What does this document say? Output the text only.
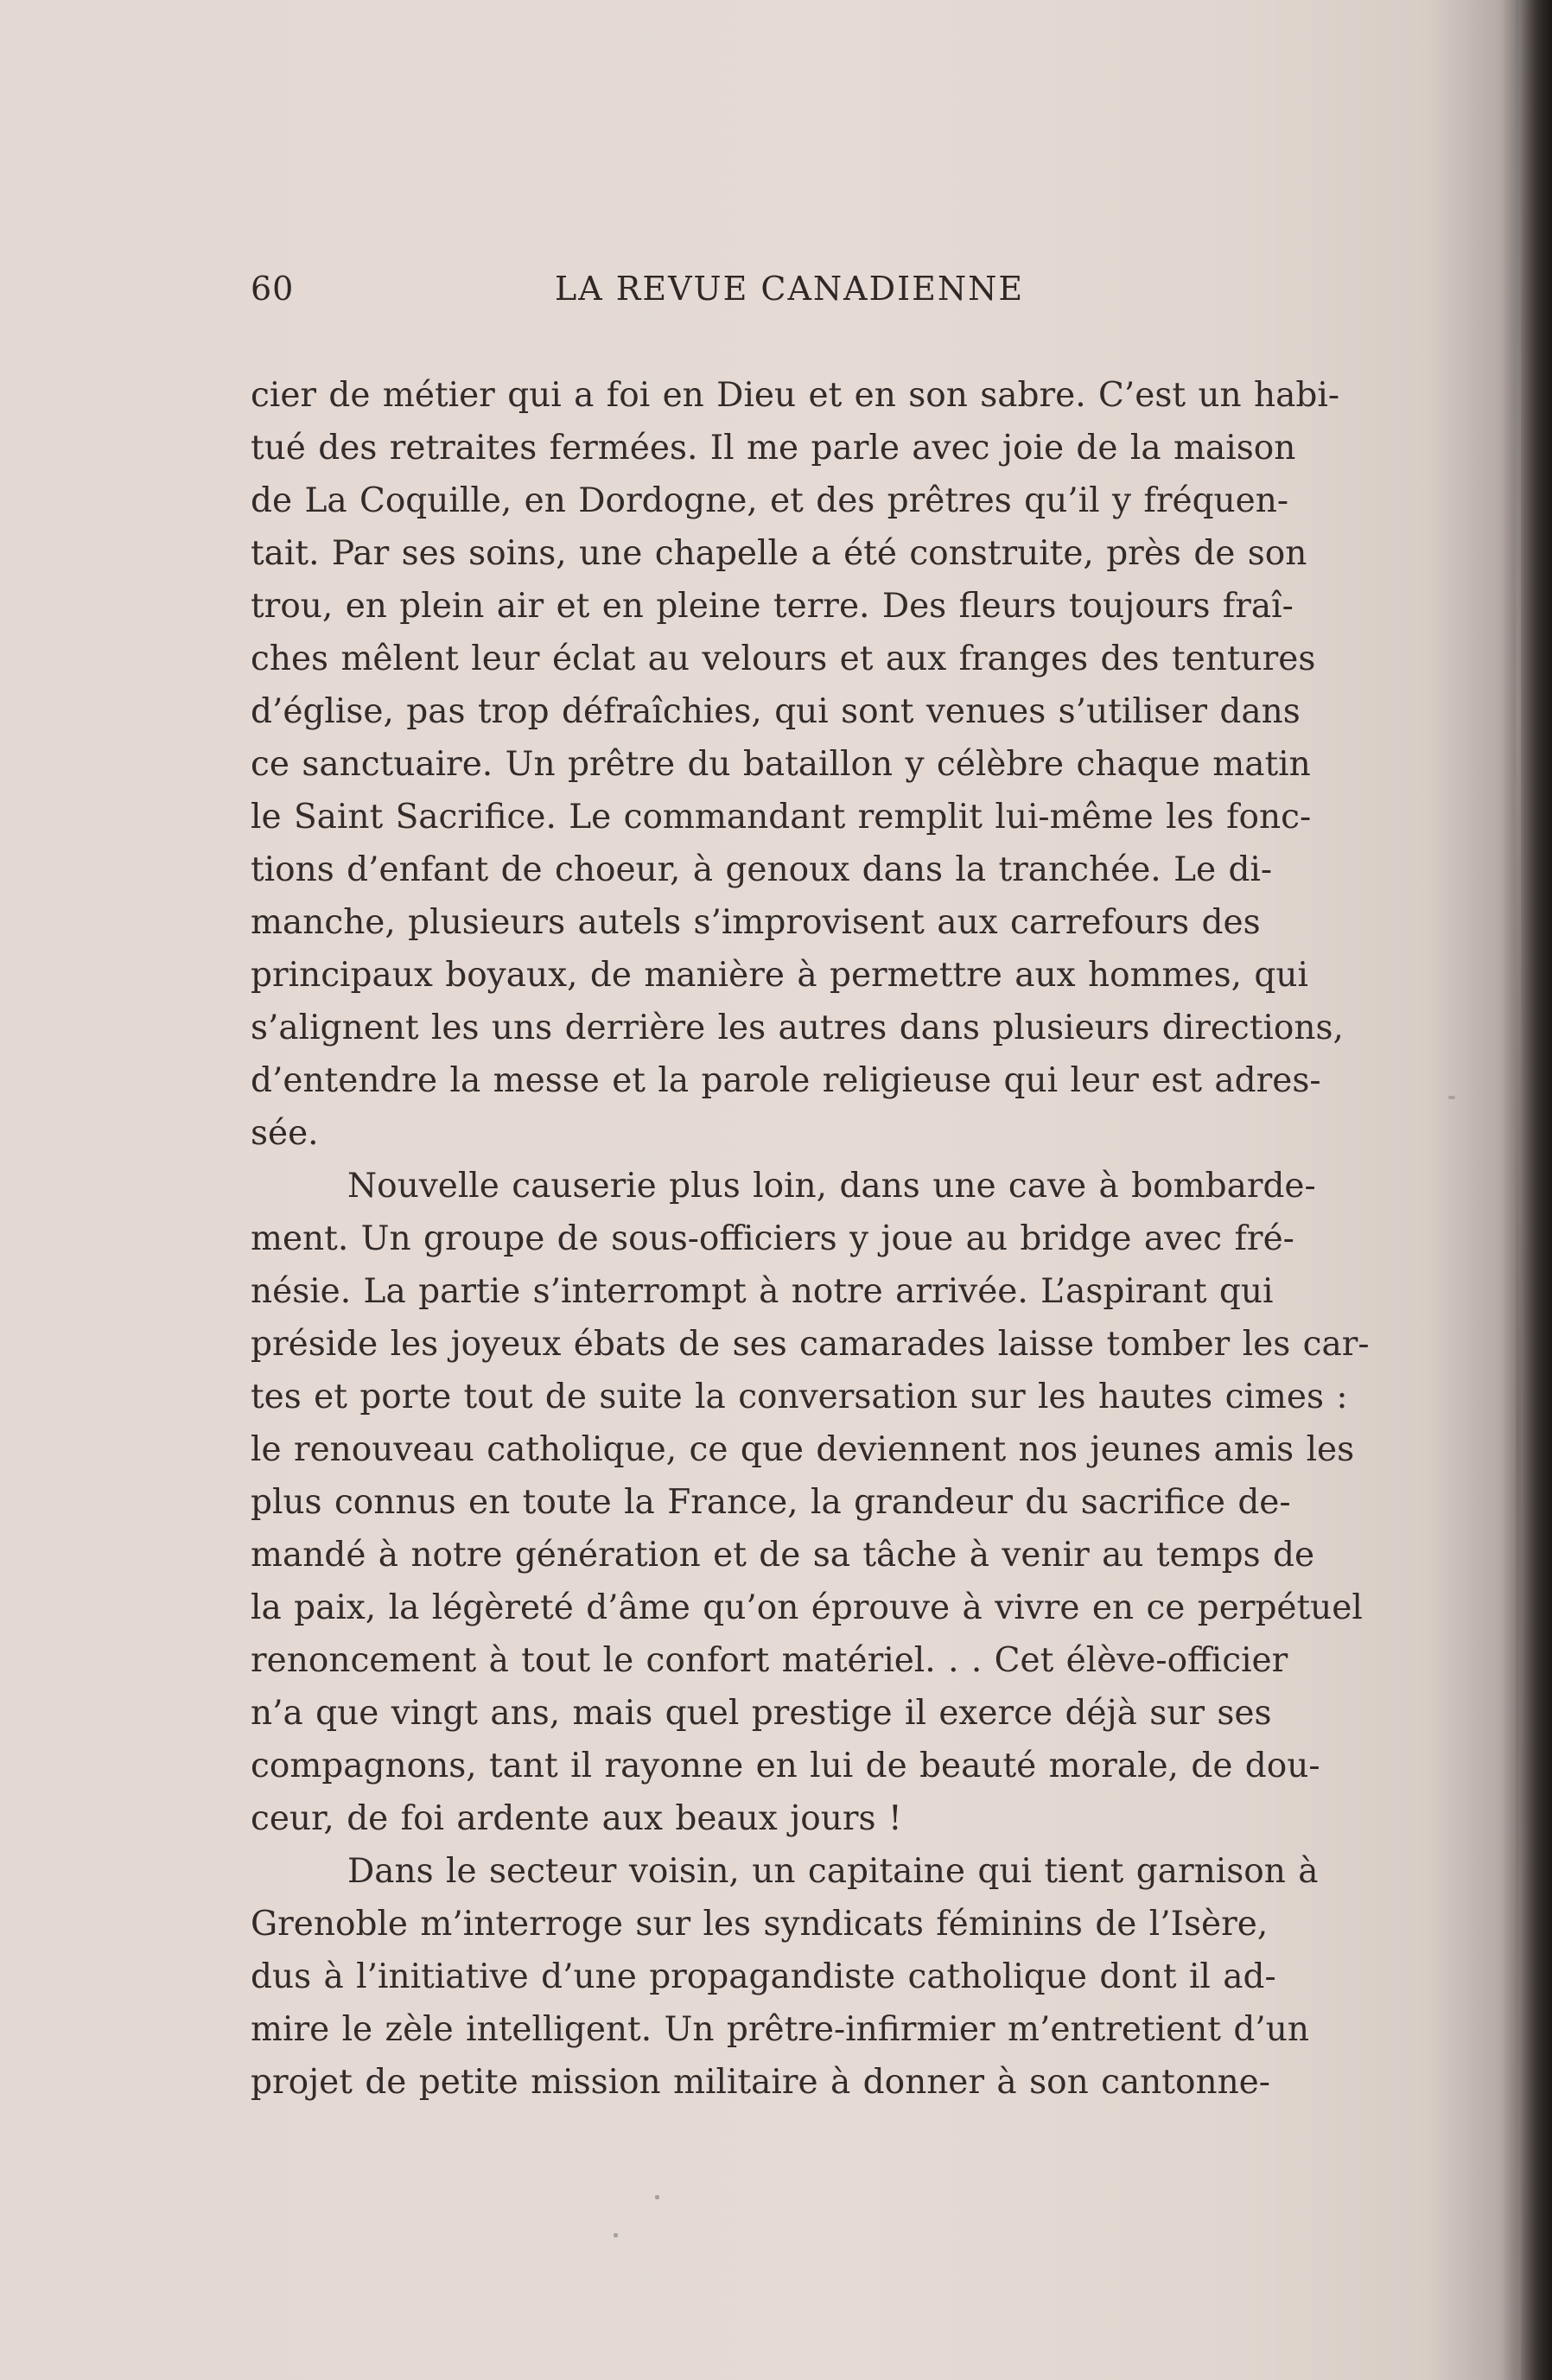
60	LA REVUE CANADIENNE
cier de métier qui a foi en Dieu et en son sabre. C’est un habi-
tué des retraites fermées. Il me parle avec joie de la maison
de La Coquille, en Dordogne, et des prêtres qu’il y fréquen-
tait. Par ses soins, une chapelle a été construite, près de son
trou, en plein air et en pleine terre. Des fleurs toujours fraî-
ches mêlent leur éclat au velours et aux franges des tentures
d’église, pas trop défraîchies, qui sont venues s’utiliser dans
ce sanctuaire. Un prêtre du bataillon y célèbre chaque matin
le Saint Sacrifice. Le commandant remplit lui-même les fonc-
tions d’enfant de choeur, à genoux dans la tranchée. Le di-
manche, plusieurs autels s’improvisent aux carrefours des
principaux boyaux, de manière à permettre aux hommes, qui
s’alignent les uns derrière les autres dans plusieurs directions,
d’entendre la messe et la parole religieuse qui leur est adres-
sée.
Nouvelle causerie plus loin, dans une cave à bombarde-
ment. Un groupe de sous-officiers y joue au bridge avec fré-
nésie. La partie s’interrompt à notre arrivée. L’aspirant qui
préside les joyeux ébats de ses camarades laisse tomber les car-
tes et porte tout de suite la conversation sur les hautes cimes :
le renouveau catholique, ce que deviennent nos jeunes amis les
plus connus en toute la France, la grandeur du sacrifice de-
mandé à notre génération et de sa tâche à venir au temps de
la paix, la légèreté d’âme qu’on éprouve à vivre en ce perpétuel
renoncement à tout le confort matériel. . . Cet élève-officier
n’a que vingt ans, mais quel prestige il exerce déjà sur ses
compagnons, tant il rayonne en lui de beauté morale, de dou-
ceur, de foi ardente aux beaux jours !
Dans le secteur voisin, un capitaine qui tient garnison à
Grenoble m’interroge sur les syndicats féminins de l’Isère,
dus à l’initiative d’une propagandiste catholique dont il ad-
mire le zèle intelligent. Un prêtre-infirmier m’entretient d’un
projet de petite mission militaire à donner à son cantonne-
